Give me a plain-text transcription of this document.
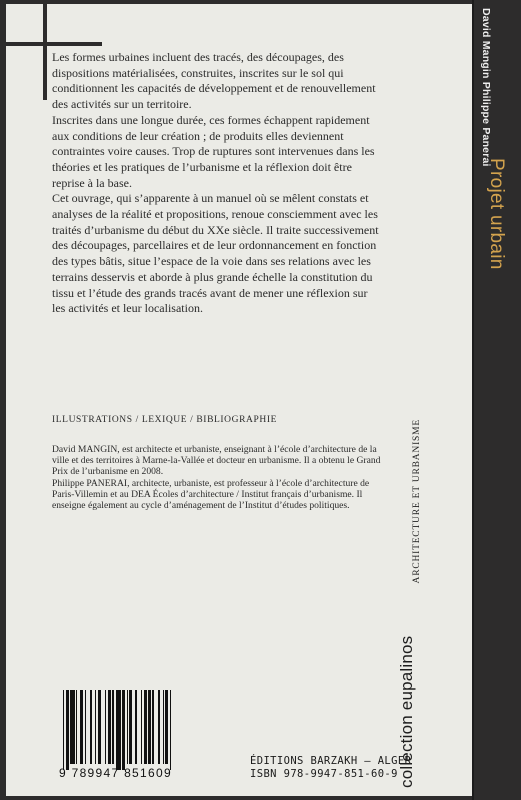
Les formes urbaines incluent des tracés, des découpages, des dispositions matérialisées, construites, inscrites sur le sol qui conditionnent les capacités de développement et de renouvellement des activités sur un territoire.

Inscrites dans une longue durée, ces formes échappent rapidement aux conditions de leur création ; de produits elles deviennent contraintes voire causes. Trop de ruptures sont intervenues dans les théories et les pratiques de l’urbanisme et la réflexion doit être reprise à la base.

Cet ouvrage, qui s’apparente à un manuel où se mêlent constats et analyses de la réalité et propositions, renoue consciemment avec les traités d’urbanisme du début du XXe siècle. Il traite successivement des découpages, parcellaires et de leur ordonnancement en fonction des types bâtis, situe l’espace de la voie dans ses relations avec les terrains desservis et aborde à plus grande échelle la constitution du tissu et l’étude des grands tracés avant de mener une réflexion sur les activités et leur localisation.

ILLUSTRATIONS / LEXIQUE / BIBLIOGRAPHIE

David MANGIN, est architecte et urbaniste, enseignant à l’école d’architecture de la ville et des territoires à Marne-la-Vallée et docteur en urbanisme. Il a obtenu le Grand Prix de l’urbanisme en 2008.

Philippe PANERAI, architecte, urbaniste, est professeur à l’école d’architecture de Paris-Villemin et au DEA Écoles d’architecture / Institut français d’urbanisme. Il enseigne également au cycle d’aménagement de l’Institut d’études politiques.

9 789947 851609
ÉDITIONS BARZAKH — ALGER
ISBN 978-9947-851-60-9
David Mangin Philippe Panerai
Projet urbain
ARCHITECTURE ET URBANISME
collection eupalinos
